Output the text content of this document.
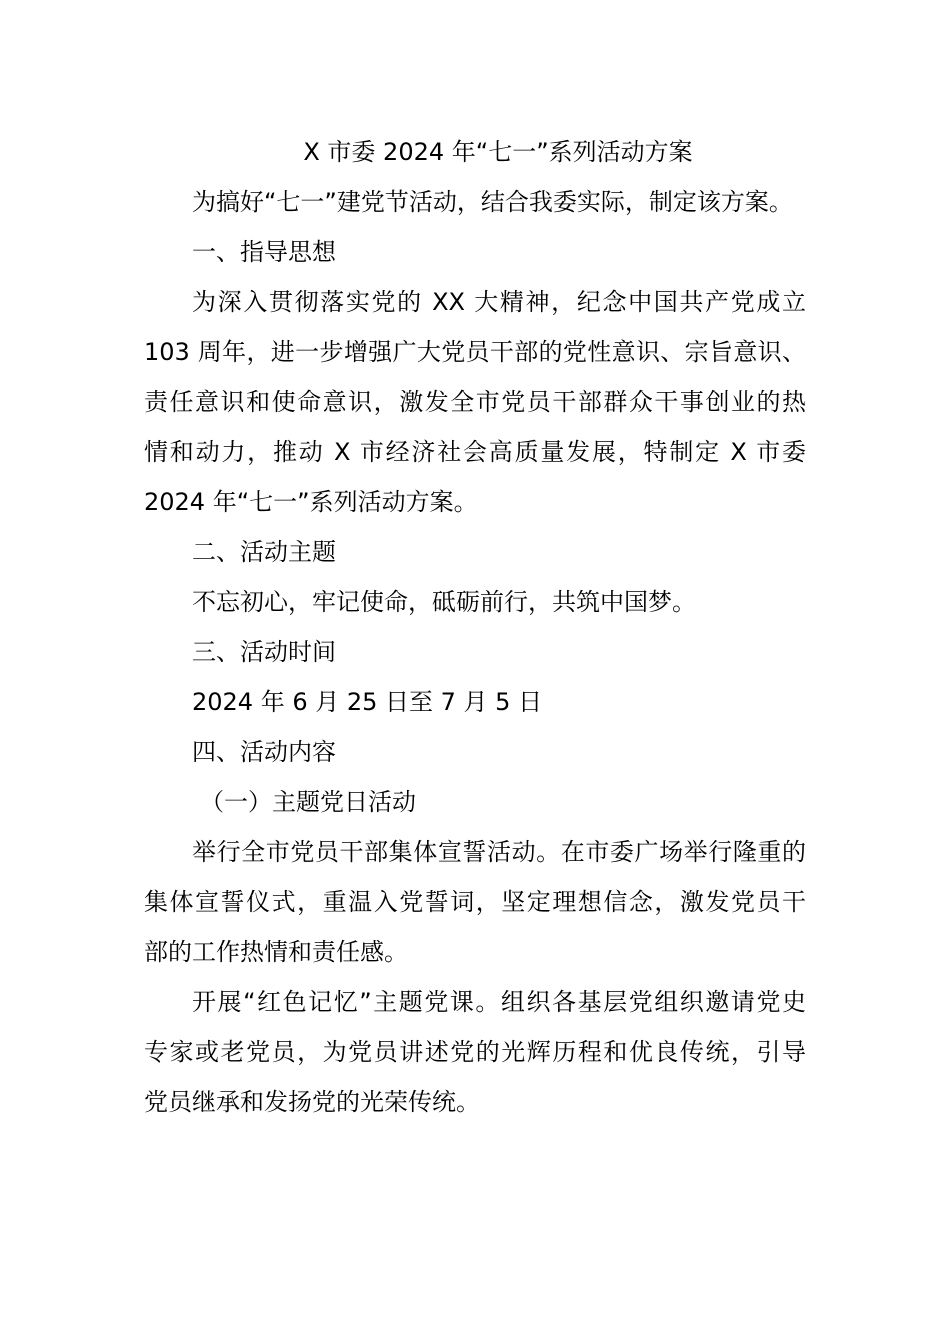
X 市委 2024 年“七一”系列活动方案
为搞好“七一”建党节活动，结合我委实际，制定该方案。
一、指导思想
为深入贯彻落实党的 XX 大精神，纪念中国共产党成立
103 周年，进一步增强广大党员干部的党性意识、宗旨意识、
责任意识和使命意识，激发全市党员干部群众干事创业的热
情和动力，推动 X 市经济社会高质量发展，特制定 X 市委
2024 年“七一”系列活动方案。
二、活动主题
不忘初心，牢记使命，砥砺前行，共筑中国梦。
三、活动时间
2024 年 6 月 25 日至 7 月 5 日
四、活动内容
（一）主题党日活动
举行全市党员干部集体宣誓活动。在市委广场举行隆重的
集体宣誓仪式，重温入党誓词，坚定理想信念，激发党员干
部的工作热情和责任感。
开展“红色记忆”主题党课。组织各基层党组织邀请党史
专家或老党员，为党员讲述党的光辉历程和优良传统，引导
党员继承和发扬党的光荣传统。
